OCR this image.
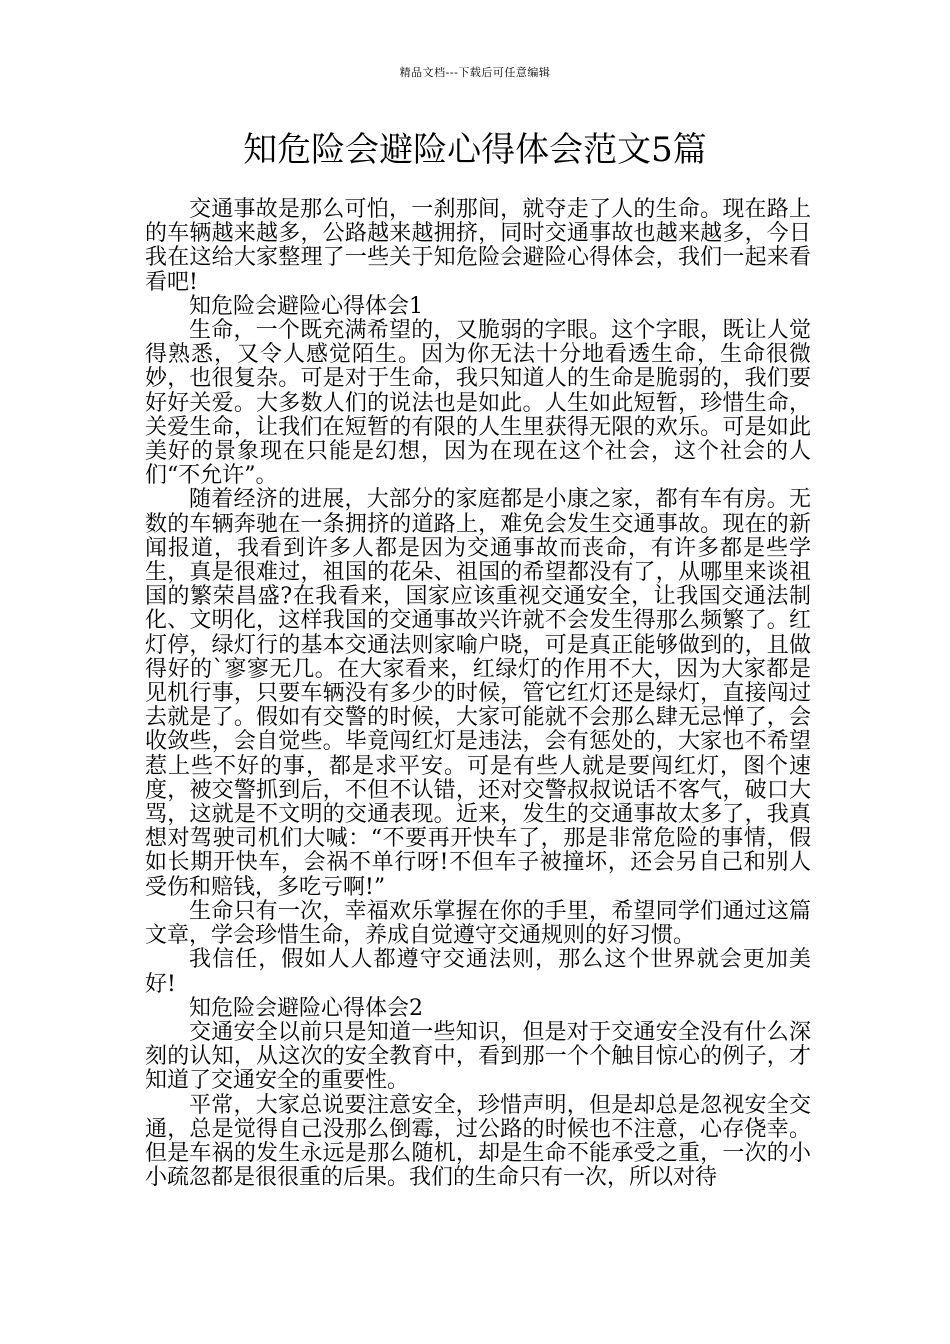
精品文档---下载后可任意编辑
知危险会避险心得体会范文5篇

交通事故是那么可怕，一刹那间，就夺走了人的生命。现在路上的车辆越来越多，公路越来越拥挤，同时交通事故也越来越多，今日我在这给大家整理了一些关于知危险会避险心得体会，我们一起来看看吧!

知危险会避险心得体会1

生命，一个既充满希望的，又脆弱的字眼。这个字眼，既让人觉得熟悉，又令人感觉陌生。因为你无法十分地看透生命，生命很微妙，也很复杂。可是对于生命，我只知道人的生命是脆弱的，我们要好好关爱。大多数人们的说法也是如此。人生如此短暂，珍惜生命，关爱生命，让我们在短暂的有限的人生里获得无限的欢乐。可是如此美好的景象现在只能是幻想，因为在现在这个社会，这个社会的人们“不允许”。

随着经济的进展，大部分的家庭都是小康之家，都有车有房。无数的车辆奔驰在一条拥挤的道路上，难免会发生交通事故。现在的新闻报道，我看到许多人都是因为交通事故而丧命，有许多都是些学生，真是很难过，祖国的花朵、祖国的希望都没有了，从哪里来谈祖国的繁荣昌盛?在我看来，国家应该重视交通安全，让我国交通法制化、文明化，这样我国的交通事故兴许就不会发生得那么频繁了。红灯停，绿灯行的基本交通法则家喻户晓，可是真正能够做到的，且做得好的`寥寥无几。在大家看来，红绿灯的作用不大，因为大家都是见机行事，只要车辆没有多少的时候，管它红灯还是绿灯，直接闯过去就是了。假如有交警的时候，大家可能就不会那么肆无忌惮了，会收敛些，会自觉些。毕竟闯红灯是违法，会有惩处的，大家也不希望惹上些不好的事，都是求平安。可是有些人就是要闯红灯，图个速度，被交警抓到后，不但不认错，还对交警叔叔说话不客气，破口大骂，这就是不文明的交通表现。近来，发生的交通事故太多了，我真想对驾驶司机们大喊：“不要再开快车了，那是非常危险的事情，假如长期开快车，会祸不单行呀!不但车子被撞坏，还会另自己和别人受伤和赔钱，多吃亏啊!”

生命只有一次，幸福欢乐掌握在你的手里，希望同学们通过这篇文章，学会珍惜生命，养成自觉遵守交通规则的好习惯。

我信任，假如人人都遵守交通法则，那么这个世界就会更加美好!

知危险会避险心得体会2

交通安全以前只是知道一些知识，但是对于交通安全没有什么深刻的认知，从这次的安全教育中，看到那一个个触目惊心的例子，才知道了交通安全的重要性。

平常，大家总说要注意安全，珍惜声明，但是却总是忽视安全交通，总是觉得自己没那么倒霉，过公路的时候也不注意，心存侥幸。但是车祸的发生永远是那么随机，却是生命不能承受之重，一次的小小疏忽都是很很重的后果。我们的生命只有一次，所以对待
